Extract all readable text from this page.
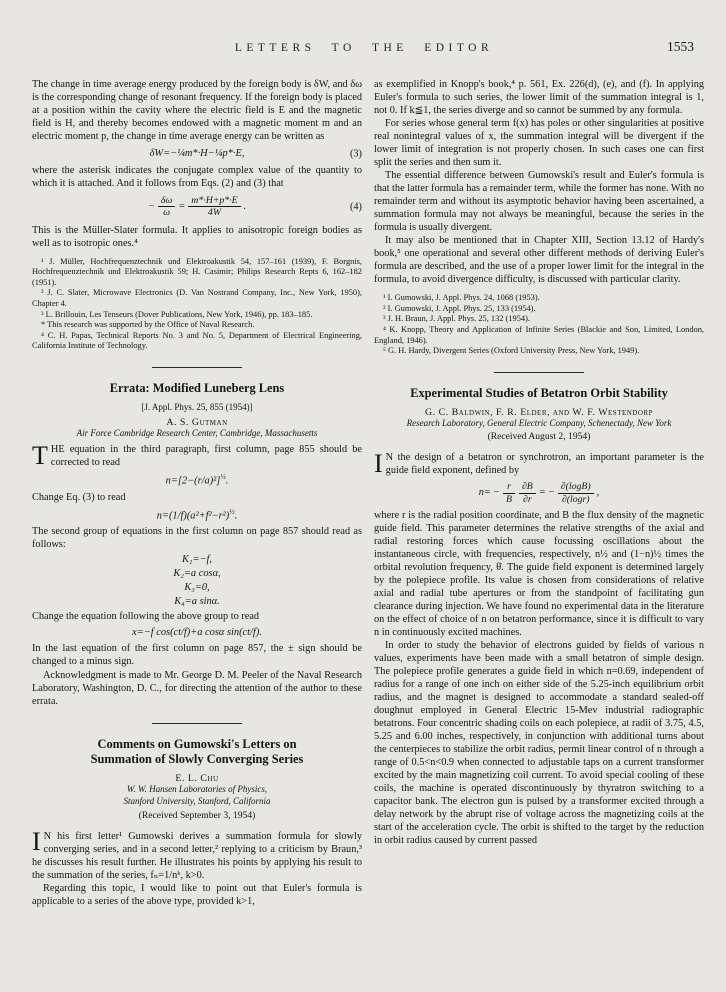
LETTERS TO THE EDITOR	1553

The change in time average energy produced by the foreign body is δW, and δω is the corresponding change of resonant frequency. If the foreign body is placed at a position within the cavity where the electric field is E and the magnetic field is H, and thereby becomes endowed with a magnetic moment m and an electric moment p, the change in time average energy can be written as

δW=−¼m*·H−¼p*·E,	(3)

where the asterisk indicates the conjugate complex value of the quantity to which it is attached. And it follows from Eqs. (2) and (3) that

− $\frac{\delta\omega}{\omega} = \frac{m*\cdot H+p*\cdot E}{4W}$ .	(4)

This is the Müller-Slater formula. It applies to anisotropic foreign bodies as well as to isotropic ones.⁴

¹ J. Müller, Hochfrequenztechnik und Elektroakustik 54, 157–161 (1939), F. Borgnis, Hochfrequenztechnik und Elektroakustik 59; H. Casimir; Philips Research Repts 6, 162–182 (1951).

² J. C. Slater, Microwave Electronics (D. Van Nostrand Company, Inc., New York, 1950), Chapter 4.

³ L. Brillouin, Les Tenseurs (Dover Publications, New York, 1946), pp. 183–185.

* This research was supported by the Office of Naval Research.

⁴ C. H. Papas, Technical Reports No. 3 and No. 5, Department of Electrical Engineering, California Institute of Technology.

Errata: Modified Luneberg Lens

[J. Appl. Phys. 25, 855 (1954)]

A. S. Gutman

Air Force Cambridge Research Center, Cambridge, Massachusetts

THE equation in the third paragraph, first column, page 855 should be corrected to read

$n=[2-(r/a)^2]^{\frac{1}{2}}$.

Change Eq. (3) to read

$n=(1/f)(a^2+f^2-r^2)^{\frac{1}{2}}$.

The second group of equations in the first column on page 857 should read as follows:

K₁=−f,
K₂=a cosα,
K₃=0,
K₄=a sinα.

Change the equation following the above group to read

x=−f cos(ct/f)+a cosα sin(ct/f).

In the last equation of the first column on page 857, the ± sign should be changed to a minus sign.

Acknowledgment is made to Mr. George D. M. Peeler of the Naval Research Laboratory, Washington, D. C., for directing the attention of the author to these errata.

Comments on Gumowski's Letters on Summation of Slowly Converging Series

E. L. Chu

W. W. Hansen Laboratories of Physics,

Stanford University, Stanford, California

(Received September 3, 1954)

I N his first letter¹ Gumowski derives a summation formula for slowly converging series, and in a second letter,² replying to a criticism by Braun,³ he discusses his result further. He illustrates his points by applying his result to the summation of the series, fₙ=1/nᵏ, k>0.

Regarding this topic, I would like to point out that Euler's formula is applicable to a series of the above type, provided k>1,

as exemplified in Knopp's book,⁴ p. 561, Ex. 226(d), (e), and (f). In applying Euler's formula to such series, the lower limit of the summation integral is 1, not 0. If k≦1, the series diverge and so cannot be summed by any formula.

For series whose general term f(x) has poles or other singularities at positive real nonintegral values of x, the summation integral will be divergent if the lower limit of integration is not properly chosen. In such cases one can first split the series and then sum it.

The essential difference between Gumowski's result and Euler's formula is that the latter formula has a remainder term, while the former has none. With no remainder term and without its asymptotic behavior having been ascertained, a summation formula may not always be meaningful, because the series in the formula is usually divergent.

It may also be mentioned that in Chapter XIII, Section 13.12 of Hardy's book,⁵ one operational and several other different methods of deriving Euler's formula are described, and the use of a proper lower limit for the integral in the formula, to avoid divergence difficulty, is discussed with particular clarity.

¹ I. Gumowski, J. Appl. Phys. 24, 1068 (1953).

² I. Gumowski, J. Appl. Phys. 25, 133 (1954).

³ J. H. Braun, J. Appl. Phys. 25, 132 (1954).

⁴ K. Knopp, Theory and Application of Infinite Series (Blackie and Son, Limited, London, England, 1946).

⁵ G. H. Hardy, Divergent Series (Oxford University Press, New York, 1949).

Experimental Studies of Betatron Orbit Stability

G. C. Baldwin, F. R. Elder, and W. F. Westendorp

Research Laboratory, General Electric Company, Schenectady, New York

(Received August 2, 1954)

I N the design of a betatron or synchrotron, an important parameter is the guide field exponent, defined by

$n= - \frac{r}{B} \frac{\partial B}{\partial r}$ = − $\frac{\partial(\log B)}{\partial(\log r)}$ ,

where r is the radial position coordinate, and B the flux density of the magnetic guide field. This parameter determines the relative strengths of the axial and radial restoring forces which cause focussing oscillations about the instantaneous circle, with frequencies, respectively, n½ and (1−n)½ times the orbital revolution frequency, θ̇. The guide field exponent is determined largely by the polepiece profile. Its value is chosen from considerations of relative axial and radial tube apertures or from the standpoint of facilitating gun clearance during injection. We have found no experimental data in the literature on the effect of choice of n on betatron performance, since it is difficult to vary n in continuously excited machines.

In order to study the behavior of electrons guided by fields of various n values, experiments have been made with a small betatron of simple design. The polepiece profile generates a guide field in which n=0.69, independent of radius for a range of one inch on either side of the 5.25-inch equilibrium orbit radius, and the magnet is designed to accommodate a standard sealed-off doughnut employed in General Electric 15-Mev industrial radiographic betatrons. Four concentric shading coils on each polepiece, at radii of 3.75, 4.5, 5.25 and 6.00 inches, respectively, in conjunction with additional turns about the centerpieces to stabilize the orbit radius, permit linear control of n through a range of 0.5<n<0.9 when connected to adjustable taps on a current transformer excited by the main magnetizing coil current. To avoid special cooling of these coils, the machine is operated discontinuously by thyratron switching to a capacitor bank. The electron gun is pulsed by a transformer excited through a delay network by the abrupt rise of voltage across the magnetizing coils at the start of the acceleration cycle. The orbit is shifted to the target by the reduction in orbit radius caused by current passed
